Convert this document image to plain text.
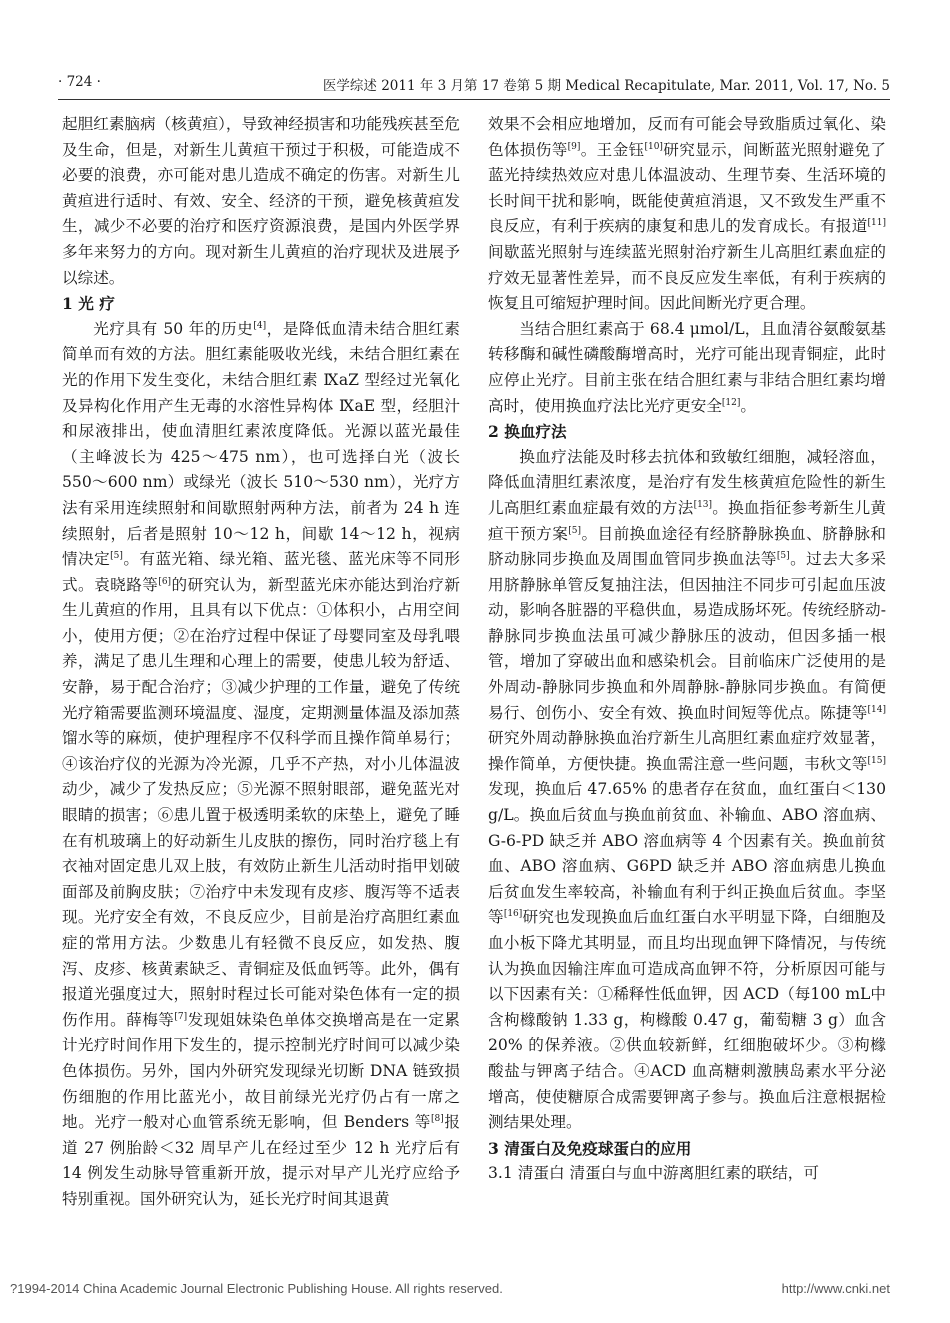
· 724 ·	医学综述 2011 年 3 月第 17 卷第 5 期 Medical Recapitulate, Mar. 2011, Vol. 17, No. 5

起胆红素脑病（核黄疸），导致神经损害和功能残疾甚至危及生命，但是，对新生儿黄疸干预过于积极，可能造成不必要的浪费，亦可能对患儿造成不确定的伤害。对新生儿黄疸进行适时、有效、安全、经济的干预，避免核黄疸发生，减少不必要的治疗和医疗资源浪费，是国内外医学界多年来努力的方向。现对新生儿黄疸的治疗现状及进展予以综述。

1 光 疗

光疗具有 50 年的历史[4]，是降低血清未结合胆红素简单而有效的方法。胆红素能吸收光线，未结合胆红素在光的作用下发生变化，未结合胆红素 ⅨaZ 型经过光氧化及异构化作用产生无毒的水溶性异构体 ⅨaE 型，经胆汁和尿液排出，使血清胆红素浓度降低。光源以蓝光最佳（主峰波长为 425～475 nm），也可选择白光（波长 550～600 nm）或绿光（波长 510～530 nm），光疗方法有采用连续照射和间歇照射两种方法，前者为 24 h 连续照射，后者是照射 10～12 h，间歇 14～12 h，视病情决定[5]。有蓝光箱、绿光箱、蓝光毯、蓝光床等不同形式。袁晓路等[6]的研究认为，新型蓝光床亦能达到治疗新生儿黄疸的作用，且具有以下优点：①体积小，占用空间小，使用方便；②在治疗过程中保证了母婴同室及母乳喂养，满足了患儿生理和心理上的需要，使患儿较为舒适、安静，易于配合治疗；③减少护理的工作量，避免了传统光疗箱需要监测环境温度、湿度，定期测量体温及添加蒸馏水等的麻烦，使护理程序不仅科学而且操作简单易行；④该治疗仪的光源为冷光源，几乎不产热，对小儿体温波动少，减少了发热反应；⑤光源不照射眼部，避免蓝光对眼睛的损害；⑥患儿置于极透明柔软的床垫上，避免了睡在有机玻璃上的好动新生儿皮肤的擦伤，同时治疗毯上有衣袖对固定患儿双上肢，有效防止新生儿活动时指甲划破面部及前胸皮肤；⑦治疗中未发现有皮疹、腹泻等不适表现。光疗安全有效，不良反应少，目前是治疗高胆红素血症的常用方法。少数患儿有轻微不良反应，如发热、腹泻、皮疹、核黄素缺乏、青铜症及低血钙等。此外，偶有报道光强度过大，照射时程过长可能对染色体有一定的损伤作用。薛梅等[7]发现姐妹染色单体交换增高是在一定累计光疗时间作用下发生的，提示控制光疗时间可以减少染色体损伤。另外，国内外研究发现绿光切断 DNA 链致损伤细胞的作用比蓝光小，故目前绿光光疗仍占有一席之地。光疗一般对心血管系统无影响，但 Benders 等[8]报道 27 例胎龄＜32 周早产儿在经过至少 12 h 光疗后有 14 例发生动脉导管重新开放，提示对早产儿光疗应给予特别重视。国外研究认为，延长光疗时间其退黄

效果不会相应地增加，反而有可能会导致脂质过氧化、染色体损伤等[9]。王金钰[10]研究显示，间断蓝光照射避免了蓝光持续热效应对患儿体温波动、生理节奏、生活环境的长时间干扰和影响，既能使黄疸消退，又不致发生严重不良反应，有利于疾病的康复和患儿的发育成长。有报道[11]间歇蓝光照射与连续蓝光照射治疗新生儿高胆红素血症的疗效无显著性差异，而不良反应发生率低，有利于疾病的恢复且可缩短护理时间。因此间断光疗更合理。

当结合胆红素高于 68.4 μmol/L，且血清谷氨酸氨基转移酶和碱性磷酸酶增高时，光疗可能出现青铜症，此时应停止光疗。目前主张在结合胆红素与非结合胆红素均增高时，使用换血疗法比光疗更安全[12]。

2 换血疗法

换血疗法能及时移去抗体和致敏红细胞，减轻溶血，降低血清胆红素浓度，是治疗有发生核黄疸危险性的新生儿高胆红素血症最有效的方法[13]。换血指征参考新生儿黄疸干预方案[5]。目前换血途径有经脐静脉换血、脐静脉和脐动脉同步换血及周围血管同步换血法等[5]。过去大多采用脐静脉单管反复抽注法，但因抽注不同步可引起血压波动，影响各脏器的平稳供血，易造成肠坏死。传统经脐动-静脉同步换血法虽可减少静脉压的波动，但因多插一根管，增加了穿破出血和感染机会。目前临床广泛使用的是外周动-静脉同步换血和外周静脉-静脉同步换血。有简便易行、创伤小、安全有效、换血时间短等优点。陈捷等[14]研究外周动静脉换血治疗新生儿高胆红素血症疗效显著，操作简单，方便快捷。换血需注意一些问题，韦秋文等[15]发现，换血后 47.65% 的患者存在贫血，血红蛋白＜130 g/L。换血后贫血与换血前贫血、补输血、ABO 溶血病、G-6-PD 缺乏并 ABO 溶血病等 4 个因素有关。换血前贫血、ABO 溶血病、G6PD 缺乏并 ABO 溶血病患儿换血后贫血发生率较高，补输血有利于纠正换血后贫血。李坚等[16]研究也发现换血后血红蛋白水平明显下降，白细胞及血小板下降尤其明显，而且均出现血钾下降情况，与传统认为换血因输注库血可造成高血钾不符，分析原因可能与以下因素有关：①稀释性低血钾，因 ACD（每100 mL中含枸橼酸钠 1.33 g，枸橼酸 0.47 g，葡萄糖 3 g）血含 20% 的保养液。②供血较新鲜，红细胞破坏少。③枸橼酸盐与钾离子结合。④ACD 血高糖刺激胰岛素水平分泌增高，使使糖原合成需要钾离子参与。换血后注意根据检测结果处理。

3 清蛋白及免疫球蛋白的应用

3.1 清蛋白 清蛋白与血中游离胆红素的联结，可

?1994-2014 China Academic Journal Electronic Publishing House. All rights reserved.	http://www.cnki.net
